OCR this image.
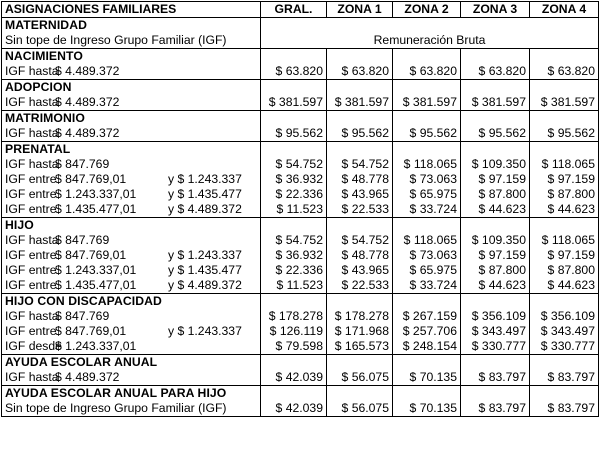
ASIGNACIONES FAMILIARES	GRAL.	ZONA 1	ZONA 2	ZONA 3	ZONA 4
MATERNIDAD					
Sin tope de Ingreso Grupo Familiar (IGF)	Remuneración Bruta				
NACIMIENTO					
IGF hasta$ 4.489.372	$ 63.820	$ 63.820	$ 63.820	$ 63.820	$ 63.820
ADOPCION					
IGF hasta$ 4.489.372	$ 381.597	$ 381.597	$ 381.597	$ 381.597	$ 381.597
MATRIMONIO					
IGF hasta$ 4.489.372	$ 95.562	$ 95.562	$ 95.562	$ 95.562	$ 95.562
PRENATAL					
IGF hasta$ 847.769	$ 54.752	$ 54.752	$ 118.065	$ 109.350	$ 118.065
IGF entre$ 847.769,01 y $ 1.243.337	$ 36.932	$ 48.778	$ 73.063	$ 97.159	$ 97.159
IGF entre$ 1.243.337,01 y $ 1.435.477	$ 22.336	$ 43.965	$ 65.975	$ 87.800	$ 87.800
IGF entre$ 1.435.477,01 y $ 4.489.372	$ 11.523	$ 22.533	$ 33.724	$ 44.623	$ 44.623
HIJO					
IGF hasta$ 847.769	$ 54.752	$ 54.752	$ 118.065	$ 109.350	$ 118.065
IGF entre$ 847.769,01 y $ 1.243.337	$ 36.932	$ 48.778	$ 73.063	$ 97.159	$ 97.159
IGF entre$ 1.243.337,01 y $ 1.435.477	$ 22.336	$ 43.965	$ 65.975	$ 87.800	$ 87.800
IGF entre$ 1.435.477,01 y $ 4.489.372	$ 11.523	$ 22.533	$ 33.724	$ 44.623	$ 44.623
HIJO CON DISCAPACIDAD					
IGF hasta$ 847.769	$ 178.278	$ 178.278	$ 267.159	$ 356.109	$ 356.109
IGF entre$ 847.769,01 y $ 1.243.337	$ 126.119	$ 171.968	$ 257.706	$ 343.497	$ 343.497
IGF desde$ 1.243.337,01	$ 79.598	$ 165.573	$ 248.154	$ 330.777	$ 330.777
AYUDA ESCOLAR ANUAL					
IGF hasta$ 4.489.372	$ 42.039	$ 56.075	$ 70.135	$ 83.797	$ 83.797
AYUDA ESCOLAR ANUAL PARA HIJO					
Sin tope de Ingreso Grupo Familiar (IGF)	$ 42.039	$ 56.075	$ 70.135	$ 83.797	$ 83.797
